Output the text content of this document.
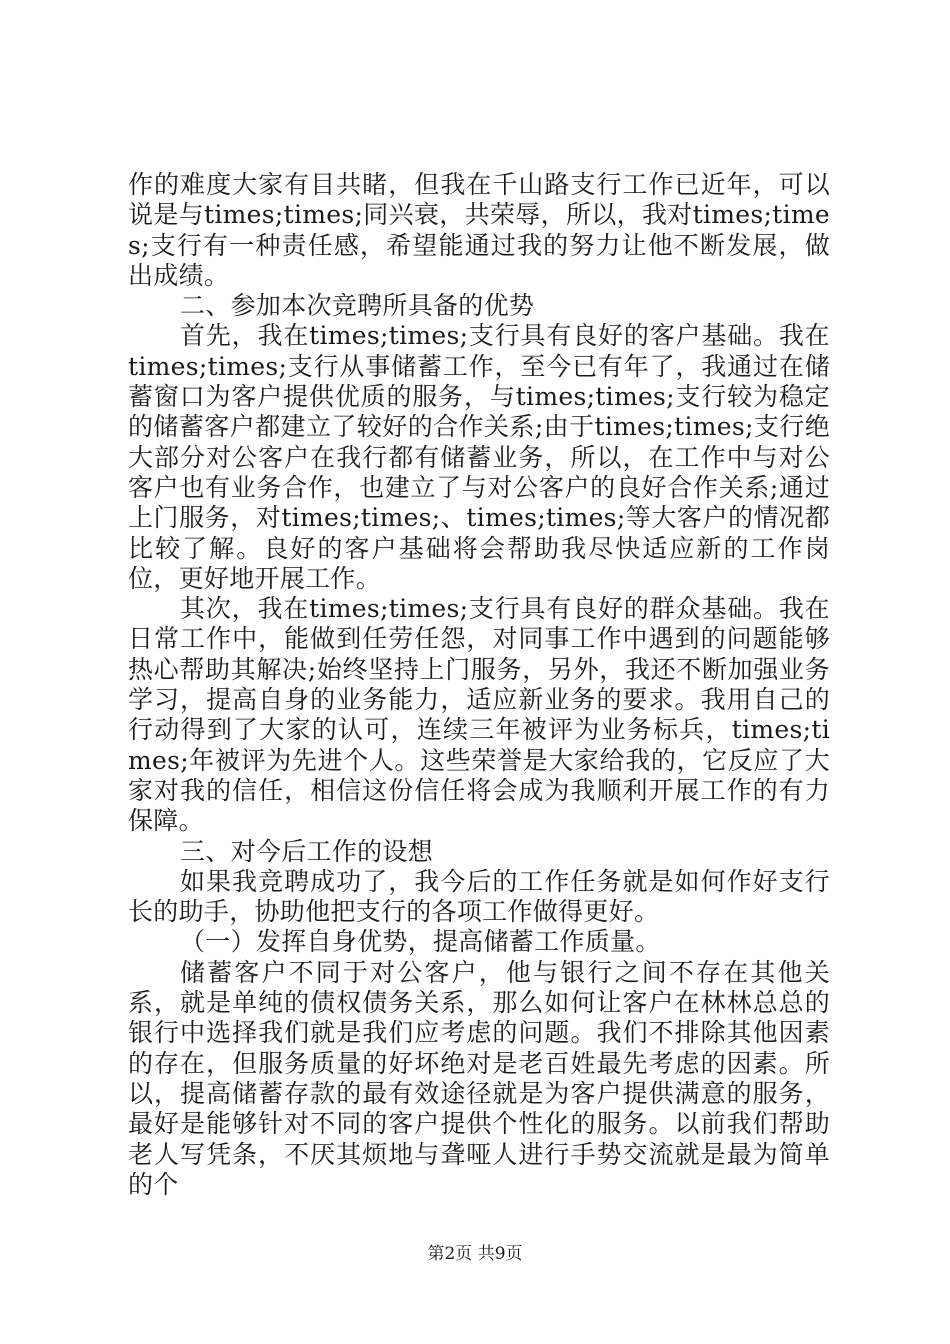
作的难度大家有目共睹，但我在千山路支行工作已近年，可以说是与times;times;同兴衰，共荣辱，所以，我对times;times;支行有一种责任感，希望能通过我的努力让他不断发展，做出成绩。

二、参加本次竞聘所具备的优势

首先，我在times;times;支行具有良好的客户基础。我在times;times;支行从事储蓄工作，至今已有年了，我通过在储蓄窗口为客户提供优质的服务，与times;times;支行较为稳定的储蓄客户都建立了较好的合作关系;由于times;times;支行绝大部分对公客户在我行都有储蓄业务，所以，在工作中与对公客户也有业务合作，也建立了与对公客户的良好合作关系;通过上门服务，对times;times;、times;times;等大客户的情况都比较了解。良好的客户基础将会帮助我尽快适应新的工作岗位，更好地开展工作。

其次，我在times;times;支行具有良好的群众基础。我在日常工作中，能做到任劳任怨，对同事工作中遇到的问题能够热心帮助其解决;始终坚持上门服务，另外，我还不断加强业务学习，提高自身的业务能力，适应新业务的要求。我用自己的行动得到了大家的认可，连续三年被评为业务标兵，times;times;年被评为先进个人。这些荣誉是大家给我的，它反应了大家对我的信任，相信这份信任将会成为我顺利开展工作的有力保障。

三、对今后工作的设想

如果我竞聘成功了，我今后的工作任务就是如何作好支行长的助手，协助他把支行的各项工作做得更好。

（一）发挥自身优势，提高储蓄工作质量。

储蓄客户不同于对公客户，他与银行之间不存在其他关系，就是单纯的债权债务关系，那么如何让客户在林林总总的银行中选择我们就是我们应考虑的问题。我们不排除其他因素的存在，但服务质量的好坏绝对是老百姓最先考虑的因素。所以，提高储蓄存款的最有效途径就是为客户提供满意的服务，最好是能够针对不同的客户提供个性化的服务。以前我们帮助老人写凭条，不厌其烦地与聋哑人进行手势交流就是最为简单的个

第2页 共9页
